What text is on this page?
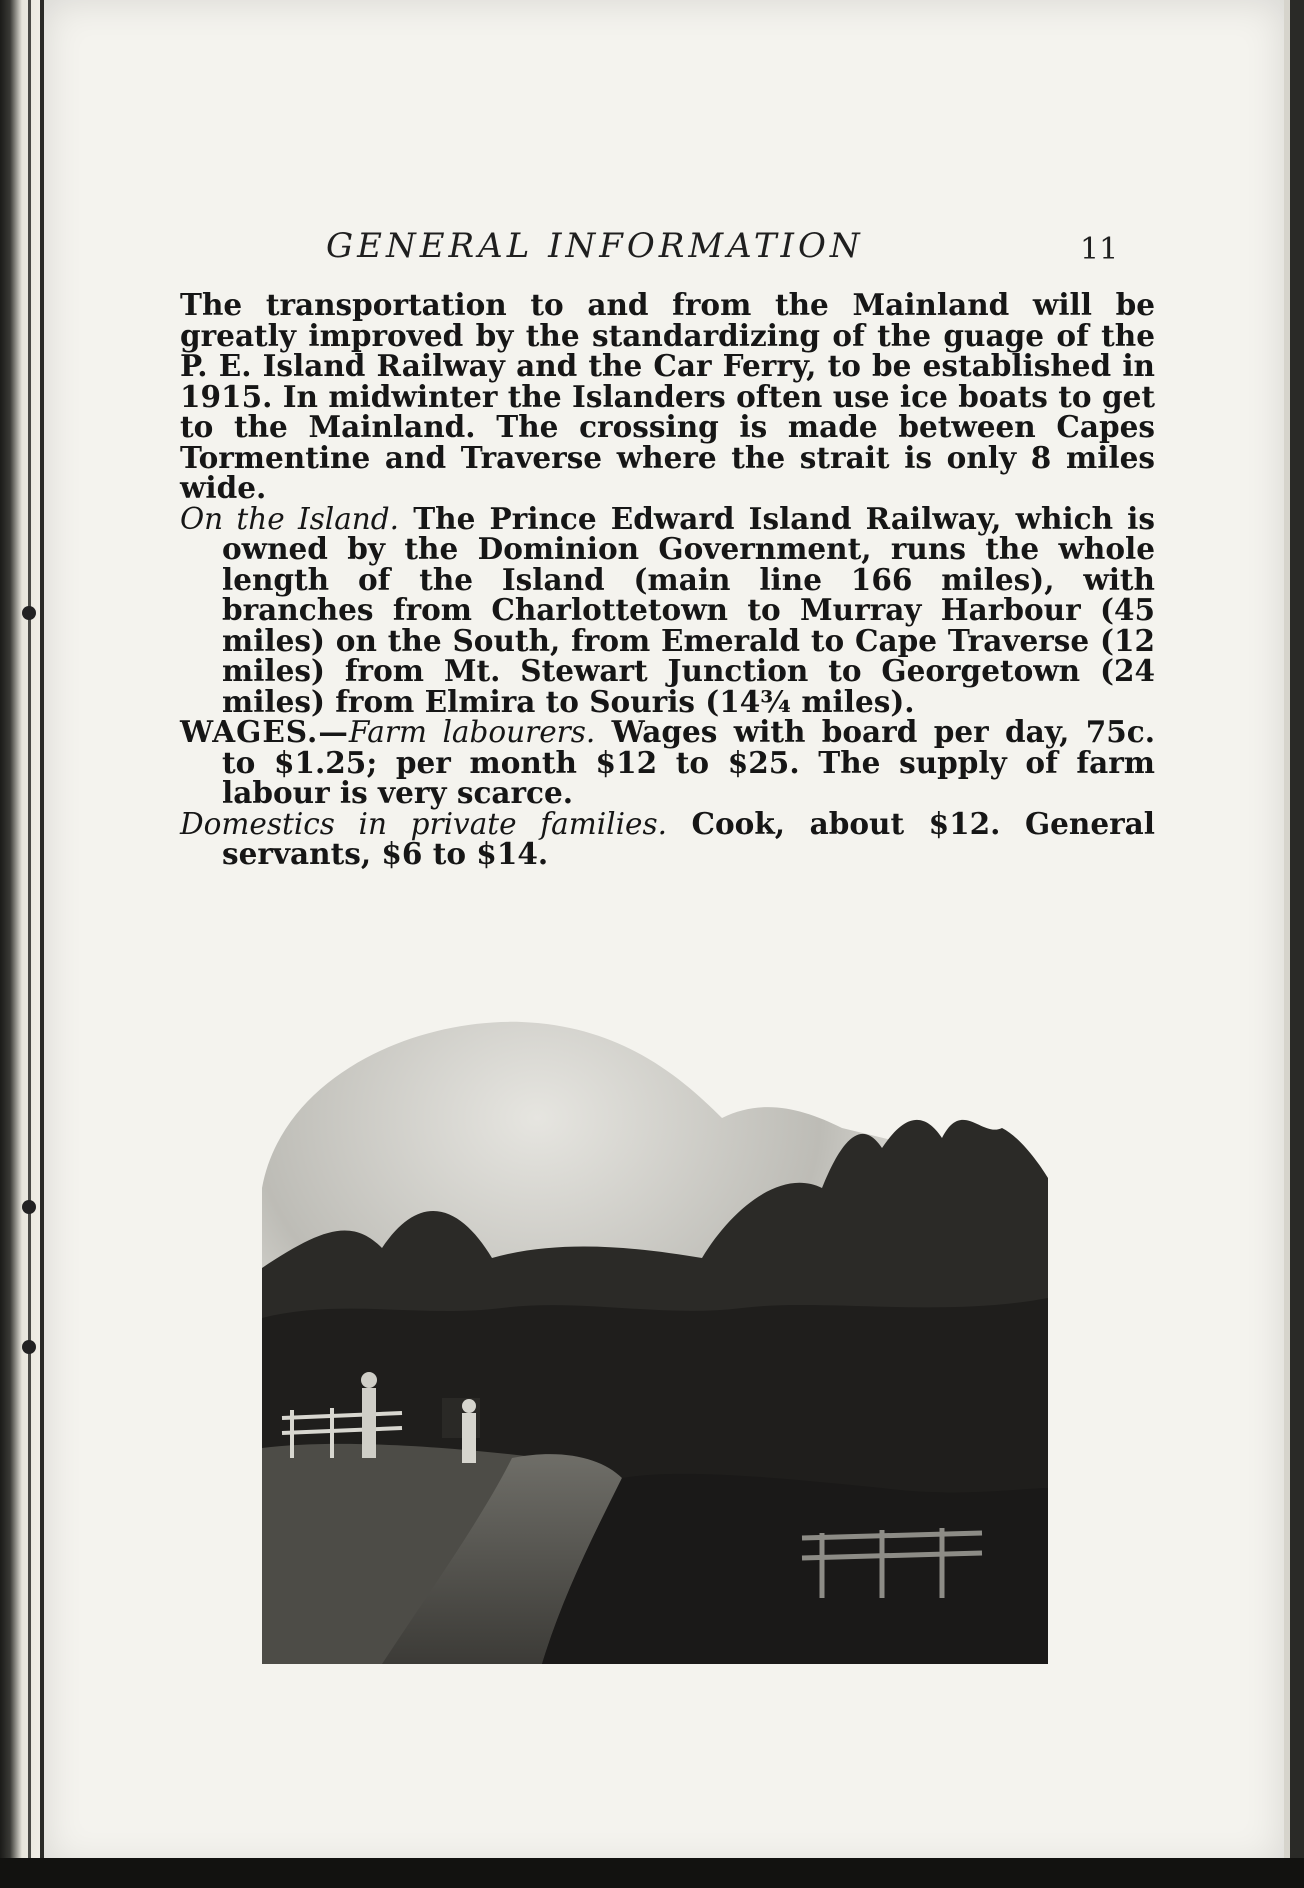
GENERAL INFORMATION	11

The transportation to and from the Mainland will be greatly improved by the standardizing of the guage of the P. E. Island Railway and the Car Ferry, to be established in 1915. In midwinter the Islanders often use ice boats to get to the Mainland. The crossing is made between Capes Tormentine and Traverse where the strait is only 8 miles wide.

On the Island. The Prince Edward Island Railway, which is owned by the Dominion Government, runs the whole length of the Island (main line 166 miles), with branches from Charlottetown to Murray Harbour (45 miles) on the South, from Emerald to Cape Traverse (12 miles) from Mt. Stewart Junction to Georgetown (24 miles) from Elmira to Souris (14¾ miles).

WAGES.—Farm labourers. Wages with board per day, 75c. to $1.25; per month $12 to $25. The supply of farm labour is very scarce.

Domestics in private families. Cook, about $12. General servants, $6 to $14.
